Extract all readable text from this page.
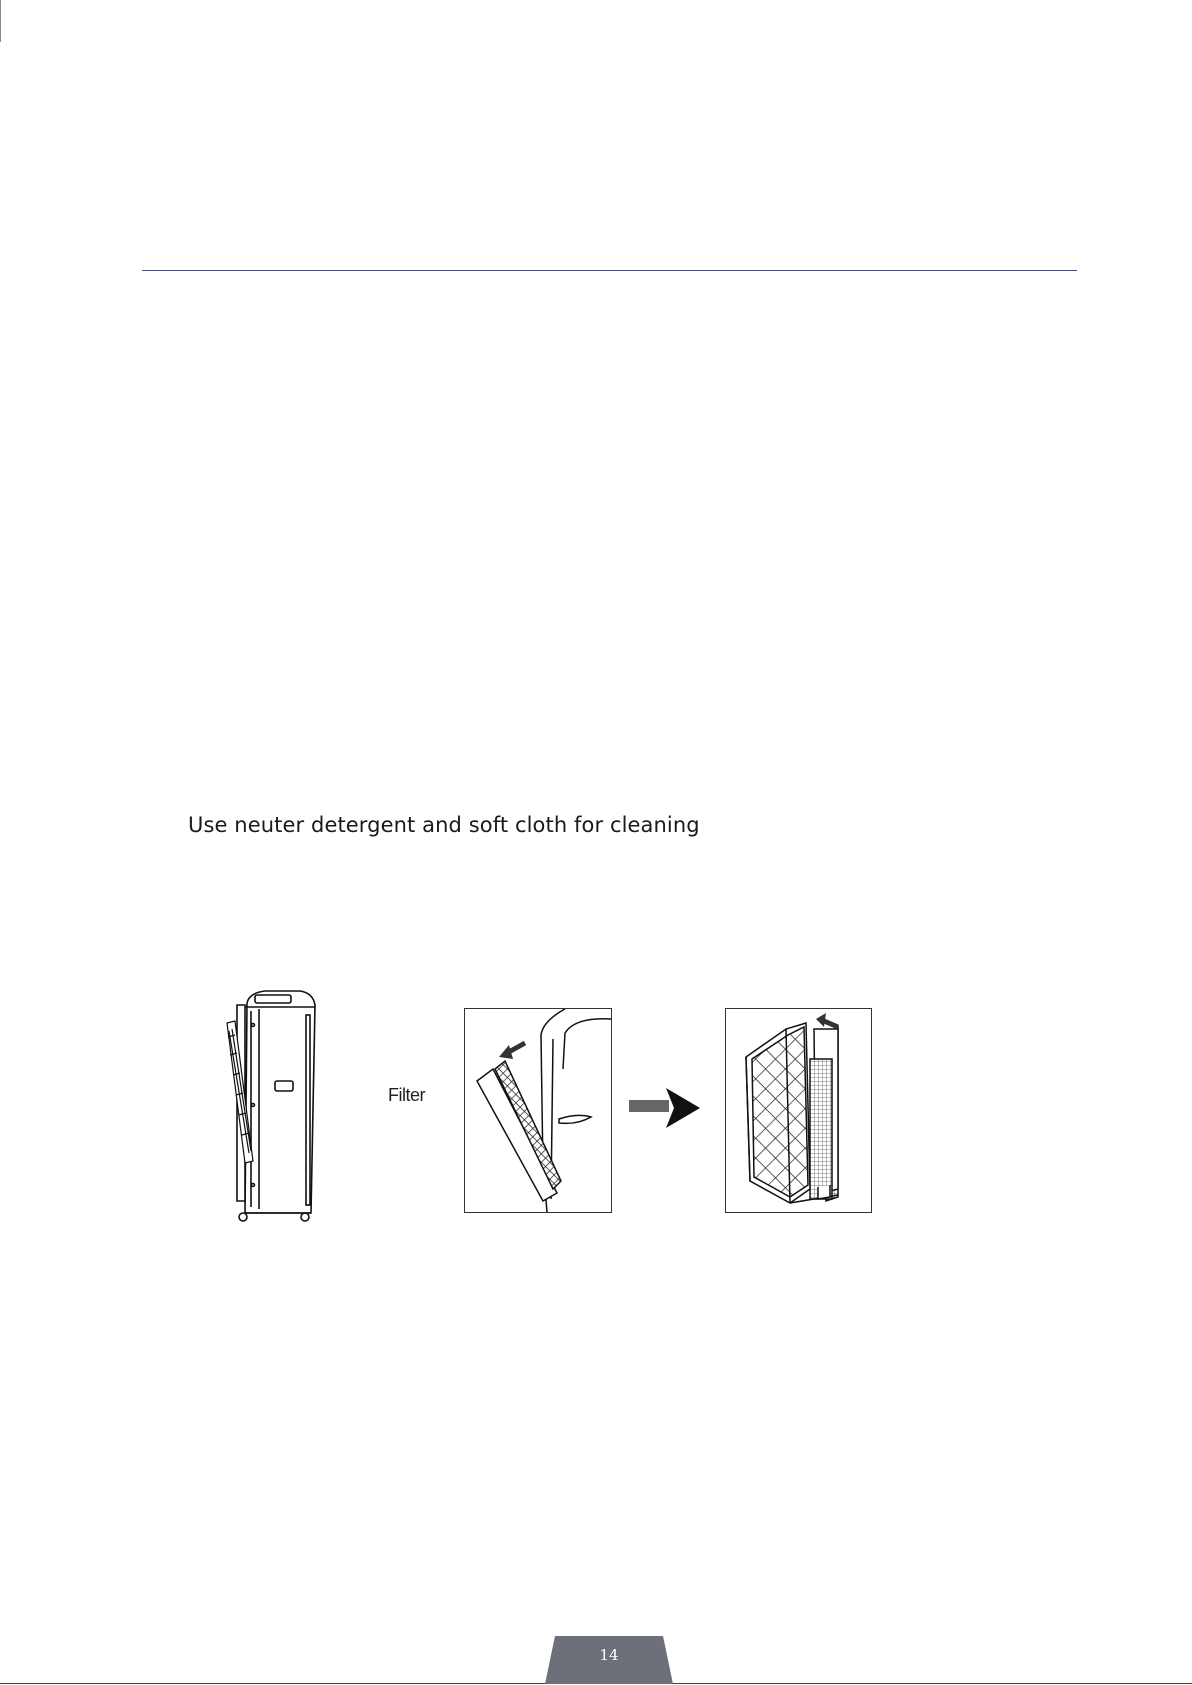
Use neuter detergent and soft cloth for cleaning
Filter
14
